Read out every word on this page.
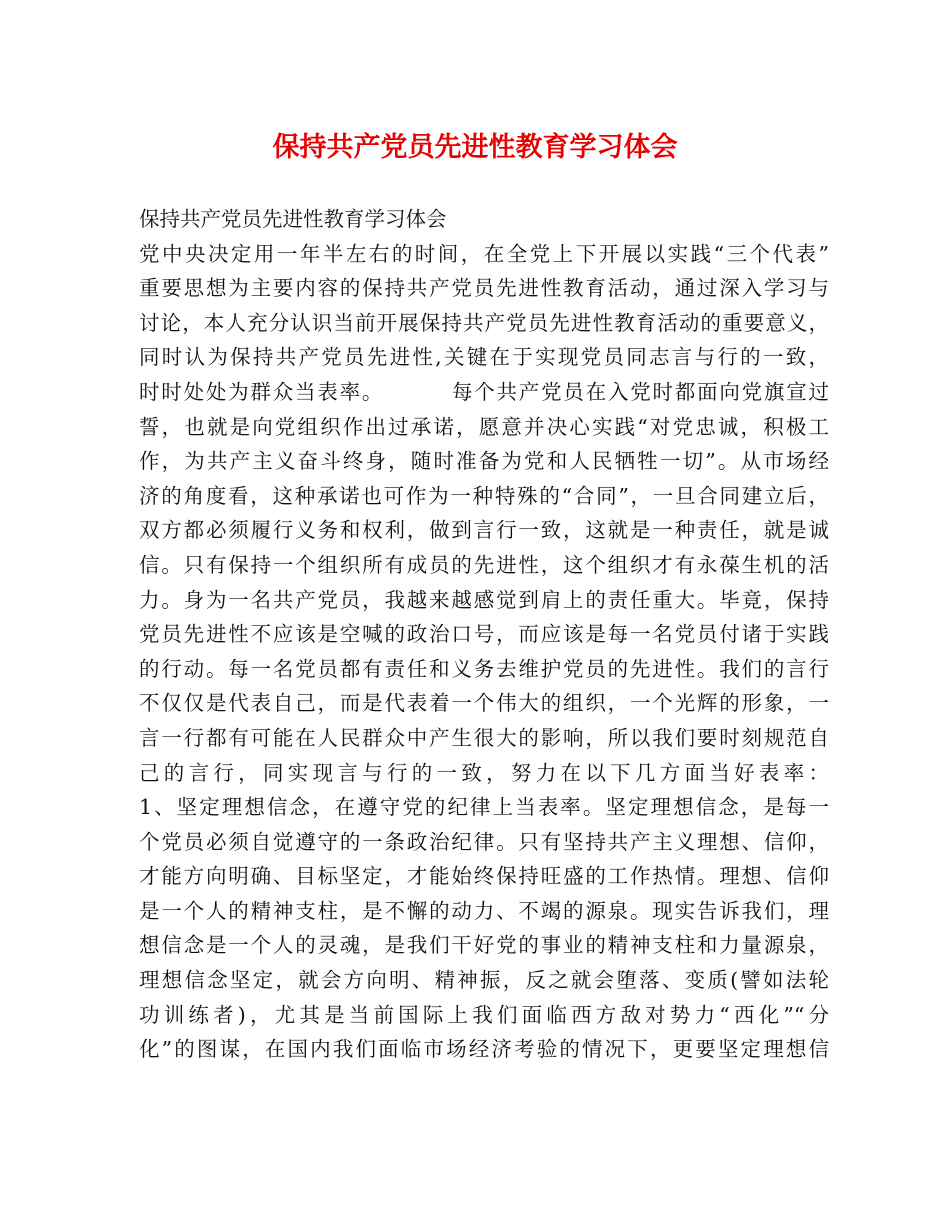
保持共产党员先进性教育学习体会
保持共产党员先进性教育学习体会
党中央决定用一年半左右的时间，在全党上下开展以实践“三个代表”
重要思想为主要内容的保持共产党员先进性教育活动，通过深入学习与
讨论，本人充分认识当前开展保持共产党员先进性教育活动的重要意义，
同时认为保持共产党员先进性,关键在于实现党员同志言与行的一致，
时时处处为群众当表率。	每个共产党员在入党时都面向党旗宣过
誓，也就是向党组织作出过承诺，愿意并决心实践“对党忠诚，积极工
作，为共产主义奋斗终身，随时准备为党和人民牺牲一切”。从市场经
济的角度看，这种承诺也可作为一种特殊的“合同”，一旦合同建立后，
双方都必须履行义务和权利，做到言行一致，这就是一种责任，就是诚
信。只有保持一个组织所有成员的先进性，这个组织才有永葆生机的活
力。身为一名共产党员，我越来越感觉到肩上的责任重大。毕竟，保持
党员先进性不应该是空喊的政治口号，而应该是每一名党员付诸于实践
的行动。每一名党员都有责任和义务去维护党员的先进性。我们的言行
不仅仅是代表自己，而是代表着一个伟大的组织，一个光辉的形象，一
言一行都有可能在人民群众中产生很大的影响，所以我们要时刻规范自
己的言行，同实现言与行的一致，努力在以下几方面当好表率：
1、坚定理想信念，在遵守党的纪律上当表率。坚定理想信念，是每一
个党员必须自觉遵守的一条政治纪律。只有坚持共产主义理想、信仰，
才能方向明确、目标坚定，才能始终保持旺盛的工作热情。理想、信仰
是一个人的精神支柱，是不懈的动力、不竭的源泉。现实告诉我们，理
想信念是一个人的灵魂，是我们干好党的事业的精神支柱和力量源泉，
理想信念坚定，就会方向明、精神振，反之就会堕落、变质(譬如法轮
功训练者)，尤其是当前国际上我们面临西方敌对势力“西化”“分
化”的图谋，在国内我们面临市场经济考验的情况下，更要坚定理想信
